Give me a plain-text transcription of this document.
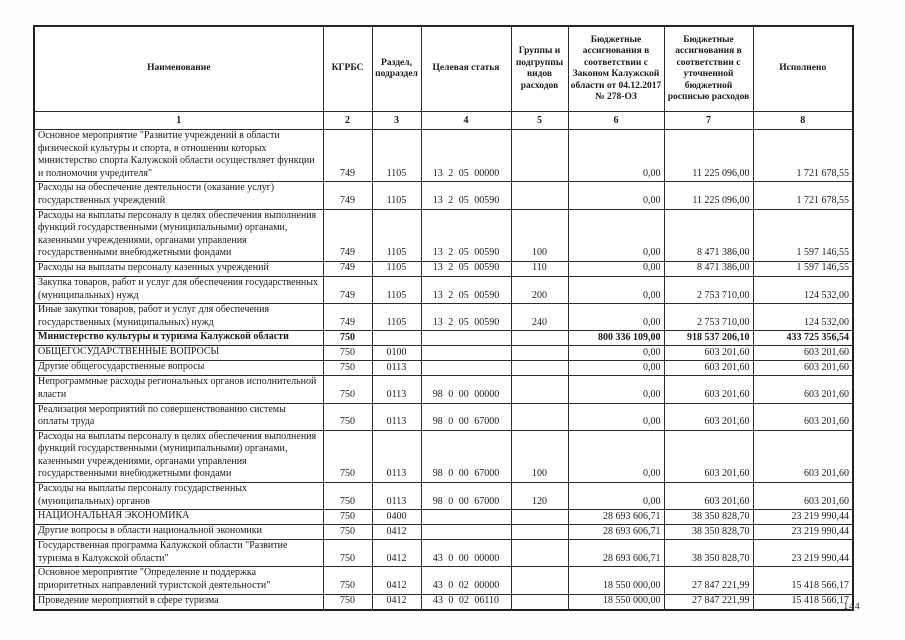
Наименование	КГРБС	Раздел, подраздел	Целевая статья	Группы и подгруппы видов расходов	Бюджетные ассигнования в соответствии с Законом Калужской области от 04.12.2017 № 278-ОЗ	Бюджетные ассигнования в соответствии с уточненной бюджетной росписью расходов	Исполнено
1	2	3	4	5	6	7	8
Основное мероприятие "Развитие учреждений в области физической культуры и спорта, в отношении которых министерство спорта Калужской области осуществляет функции и полномочия учредителя"	749	1105	13 2 05 00000		0,00	11 225 096,00	1 721 678,55
Расходы на обеспечение деятельности (оказание услуг) государственных учреждений	749	1105	13 2 05 00590		0,00	11 225 096,00	1 721 678,55
Расходы на выплаты персоналу в целях обеспечения выполнения функций государственными (муниципальными) органами, казенными учреждениями, органами управления государственными внебюджетными фондами	749	1105	13 2 05 00590	100	0,00	8 471 386,00	1 597 146,55
Расходы на выплаты персоналу казенных учреждений	749	1105	13 2 05 00590	110	0,00	8 471 386,00	1 597 146,55
Закупка товаров, работ и услуг для обеспечения государственных (муниципальных) нужд	749	1105	13 2 05 00590	200	0,00	2 753 710,00	124 532,00
Иные закупки товаров, работ и услуг для обеспечения государственных (муниципальных) нужд	749	1105	13 2 05 00590	240	0,00	2 753 710,00	124 532,00
Министерство культуры и туризма Калужской области	750				800 336 109,00	918 537 206,10	433 725 356,54
ОБЩЕГОСУДАРСТВЕННЫЕ ВОПРОСЫ	750	0100			0,00	603 201,60	603 201,60
Другие общегосударственные вопросы	750	0113			0,00	603 201,60	603 201,60
Непрограммные расходы региональных органов исполнительной власти	750	0113	98 0 00 00000		0,00	603 201,60	603 201,60
Реализация мероприятий по совершенствованию системы оплаты труда	750	0113	98 0 00 67000		0,00	603 201,60	603 201,60
Расходы на выплаты персоналу в целях обеспечения выполнения функций государственными (муниципальными) органами, казенными учреждениями, органами управления государственными внебюджетными фондами	750	0113	98 0 00 67000	100	0,00	603 201,60	603 201,60
Расходы на выплаты персоналу государственных (муниципальных) органов	750	0113	98 0 00 67000	120	0,00	603 201,60	603 201,60
НАЦИОНАЛЬНАЯ ЭКОНОМИКА	750	0400			28 693 606,71	38 350 828,70	23 219 990,44
Другие вопросы в области национальной экономики	750	0412			28 693 606,71	38 350 828,70	23 219 990,44
Государственная программа Калужской области "Развитие туризма в Калужской области"	750	0412	43 0 00 00000		28 693 606,71	38 350 828,70	23 219 990,44
Основное мероприятие "Определение и поддержка приоритетных направлений туристской деятельности"	750	0412	43 0 02 00000		18 550 000,00	27 847 221,99	15 418 566,17
Проведение мероприятий в сфере туризма	750	0412	43 0 02 06110		18 550 000,00	27 847 221,99	15 418 566,17
144
